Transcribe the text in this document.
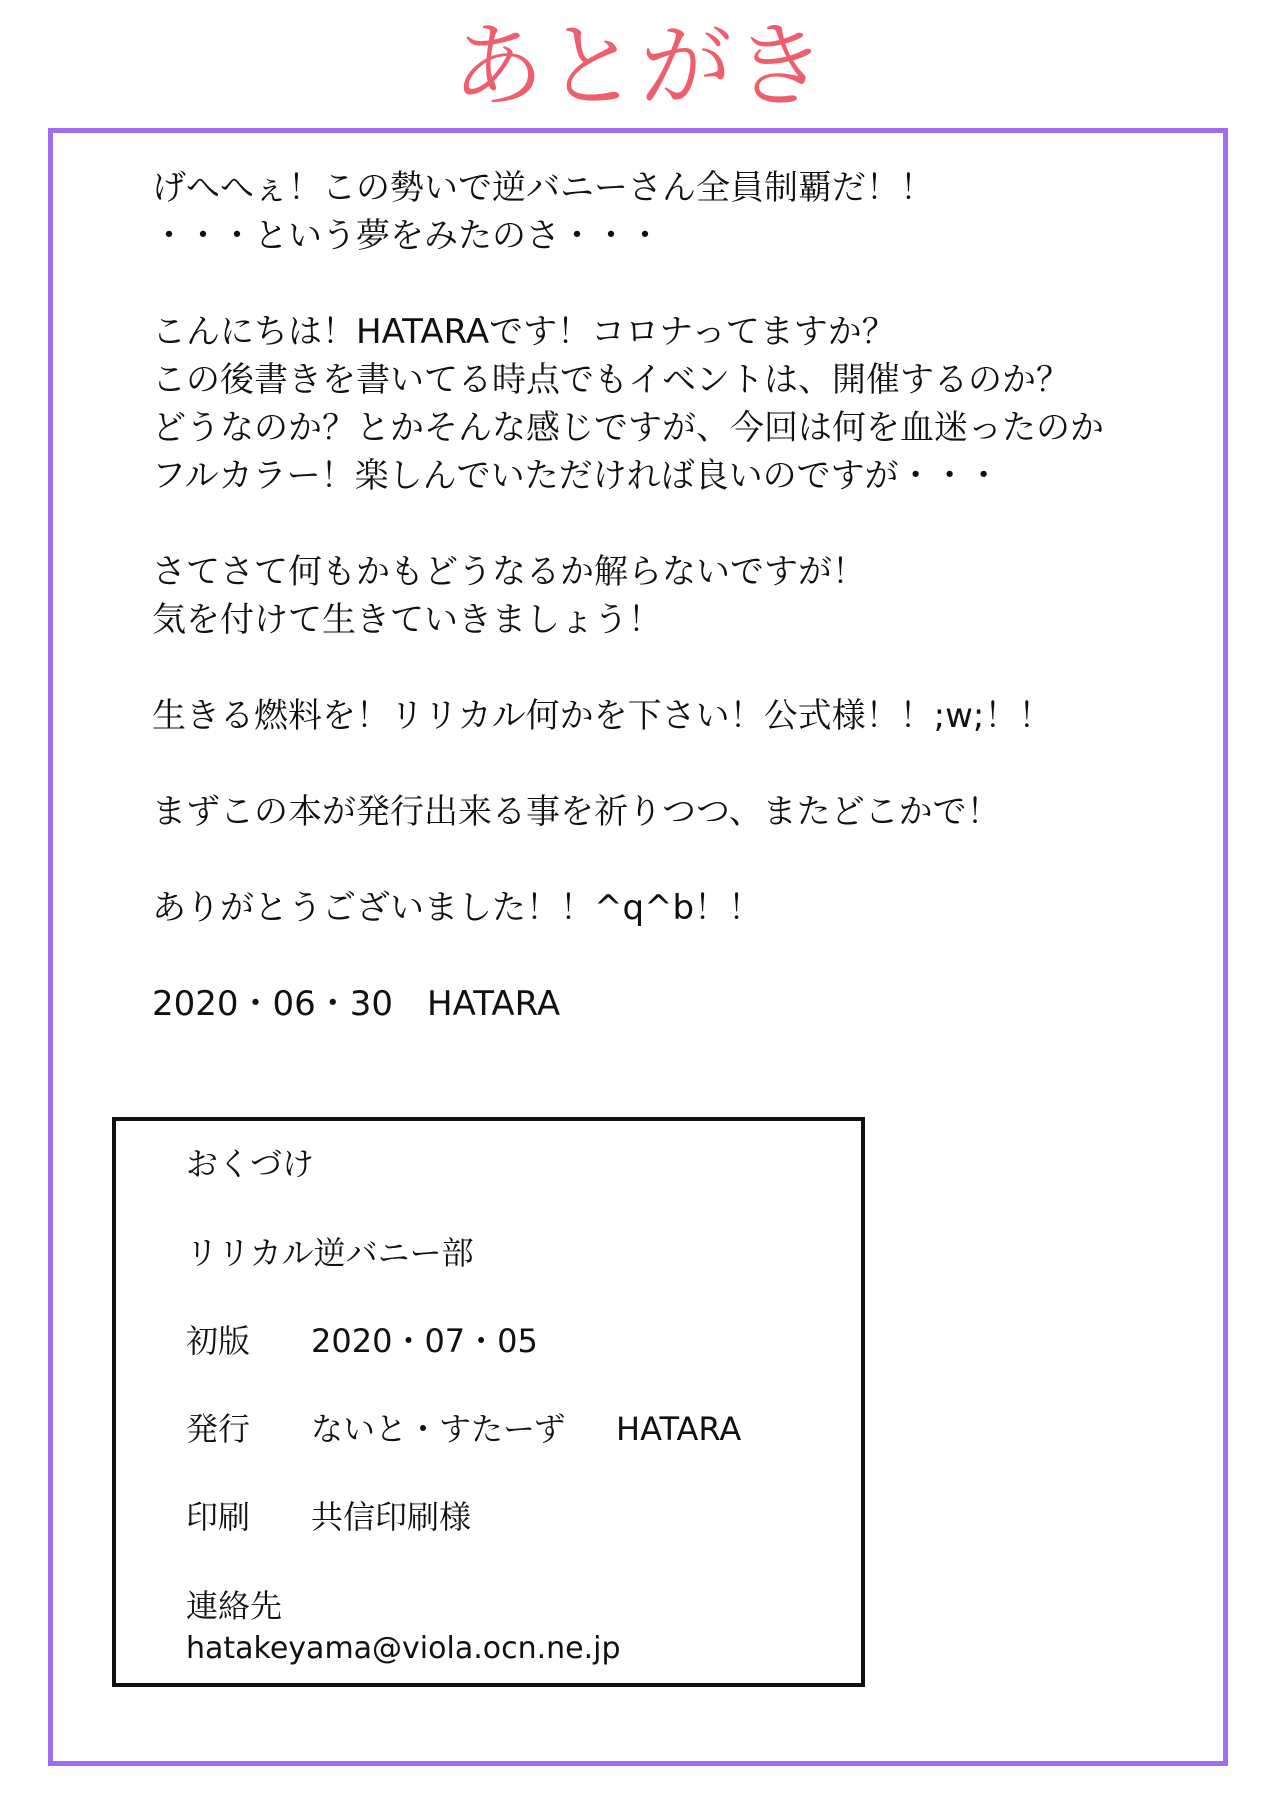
あとがき
げへへぇ！この勢いで逆バニーさん全員制覇だ！！
・・・という夢をみたのさ・・・
こんにちは！HATARAです！コロナってますか？
この後書きを書いてる時点でもイベントは、開催するのか？
どうなのか？とかそんな感じですが、今回は何を血迷ったのか
フルカラー！楽しんでいただければ良いのですが・・・
さてさて何もかもどうなるか解らないですが！
気を付けて生きていきましょう！
生きる燃料を！リリカル何かを下さい！公式様！！;w;！！
まずこの本が発行出来る事を祈りつつ、またどこかで！
ありがとうございました！！^q^b！！
2020・06・30　HATARA
おくづけ
リリカル逆バニー部
初版 2020・07・05
発行 ないと・すたーず HATARA
印刷 共信印刷様
連絡先
hatakeyama@viola.ocn.ne.jp
